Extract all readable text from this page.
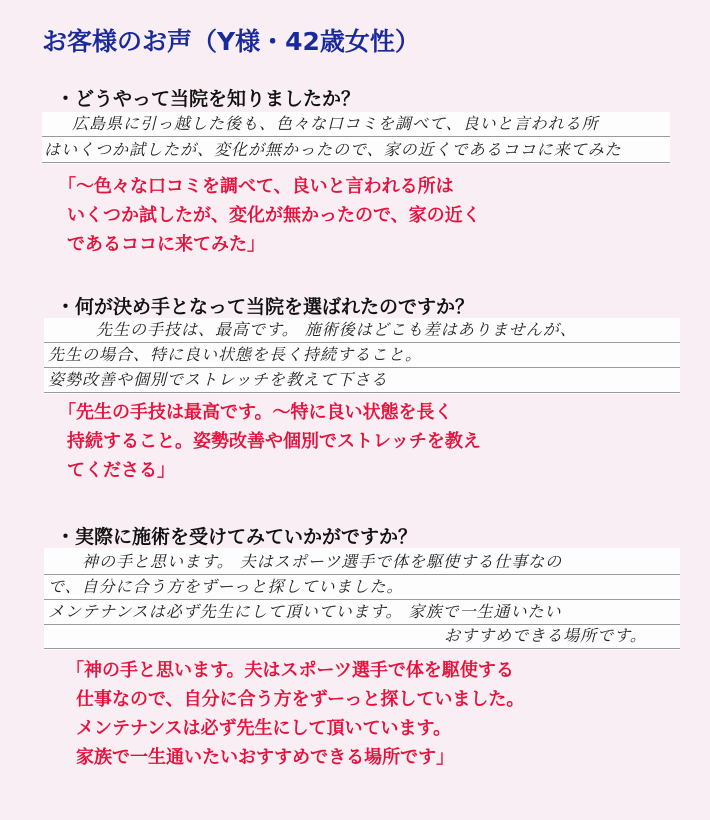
お客様のお声（Y様・42歳女性）
・どうやって当院を知りましたか？
広島県に引っ越した後も、色々な口コミを調べて、良いと言われる所
はいくつか試したが、変化が無かったので、家の近くであるココに来てみた
「～色々な口コミを調べて、良いと言われる所は
いくつか試したが、変化が無かったので、家の近く
であるココに来てみた」
・何が決め手となって当院を選ばれたのですか？
先生の手技は、最高です。 施術後はどこも差はありませんが、
先生の場合、特に良い状態を長く持続すること。
姿勢改善や個別でストレッチを教えて下さる
「先生の手技は最高です。～特に良い状態を長く
持続すること。姿勢改善や個別でストレッチを教え
てくださる」
・実際に施術を受けてみていかがですか？
神の手と思います。 夫はスポーツ選手で体を駆使する仕事なの
で、自分に合う方をずーっと探していました。
メンテナンスは必ず先生にして頂いています。 家族で一生通いたい
おすすめできる場所です。
「神の手と思います。夫はスポーツ選手で体を駆使する
仕事なので、自分に合う方をずーっと探していました。
メンテナンスは必ず先生にして頂いています。
家族で一生通いたいおすすめできる場所です」
